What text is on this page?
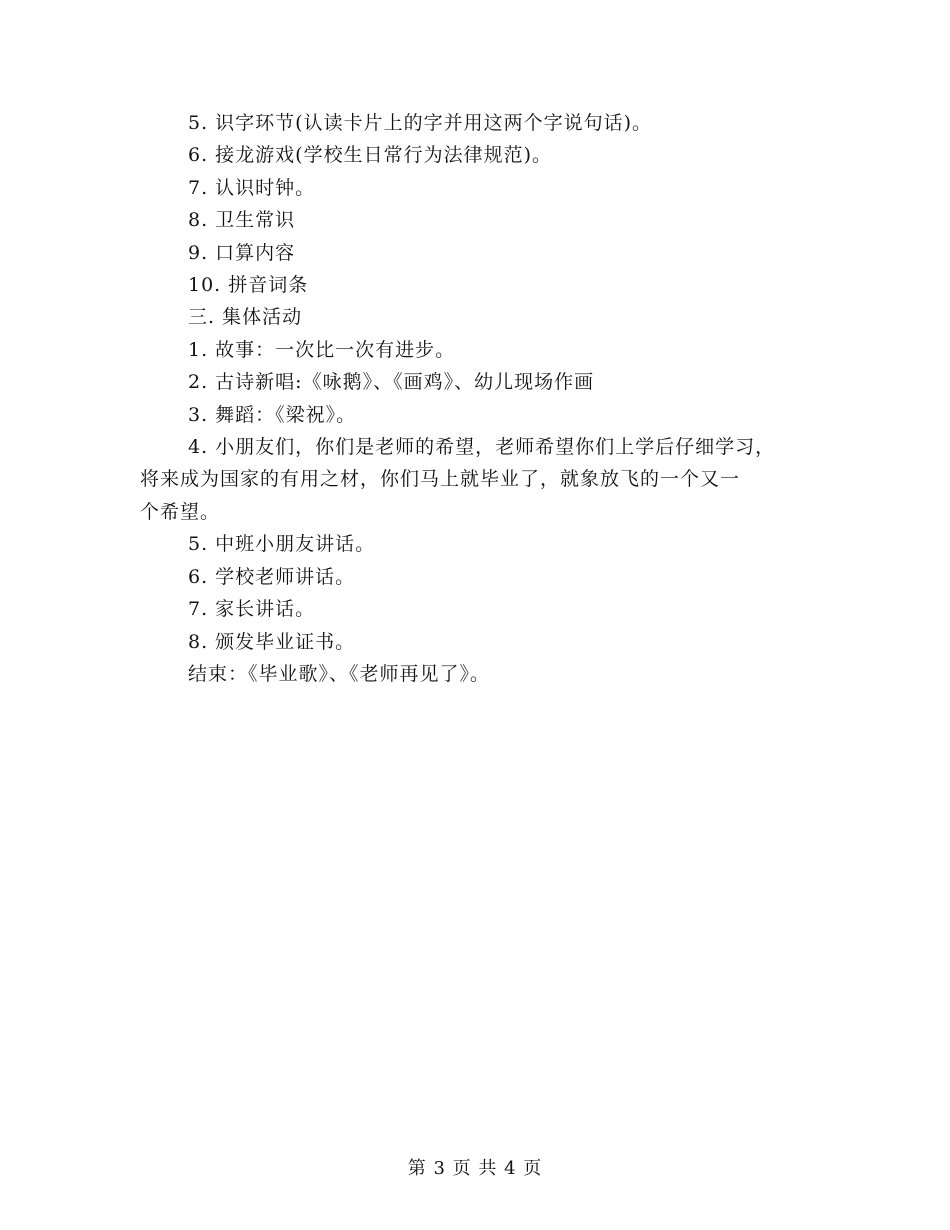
5. 识字环节(认读卡片上的字并用这两个字说句话)。
6. 接龙游戏(学校生日常行为法律规范)。
7. 认识时钟。
8. 卫生常识
9. 口算内容
10. 拼音词条
三. 集体活动
1. 故事：一次比一次有进步。
2. 古诗新唱:《咏鹅》、《画鸡》、幼儿现场作画
3. 舞蹈：《梁祝》。
4. 小朋友们，你们是老师的希望，老师希望你们上学后仔细学习，
将来成为国家的有用之材，你们马上就毕业了，就象放飞的一个又一
个希望。
5. 中班小朋友讲话。
6. 学校老师讲话。
7. 家长讲话。
8. 颁发毕业证书。
结束：《毕业歌》、《老师再见了》。
第 3 页 共 4 页
